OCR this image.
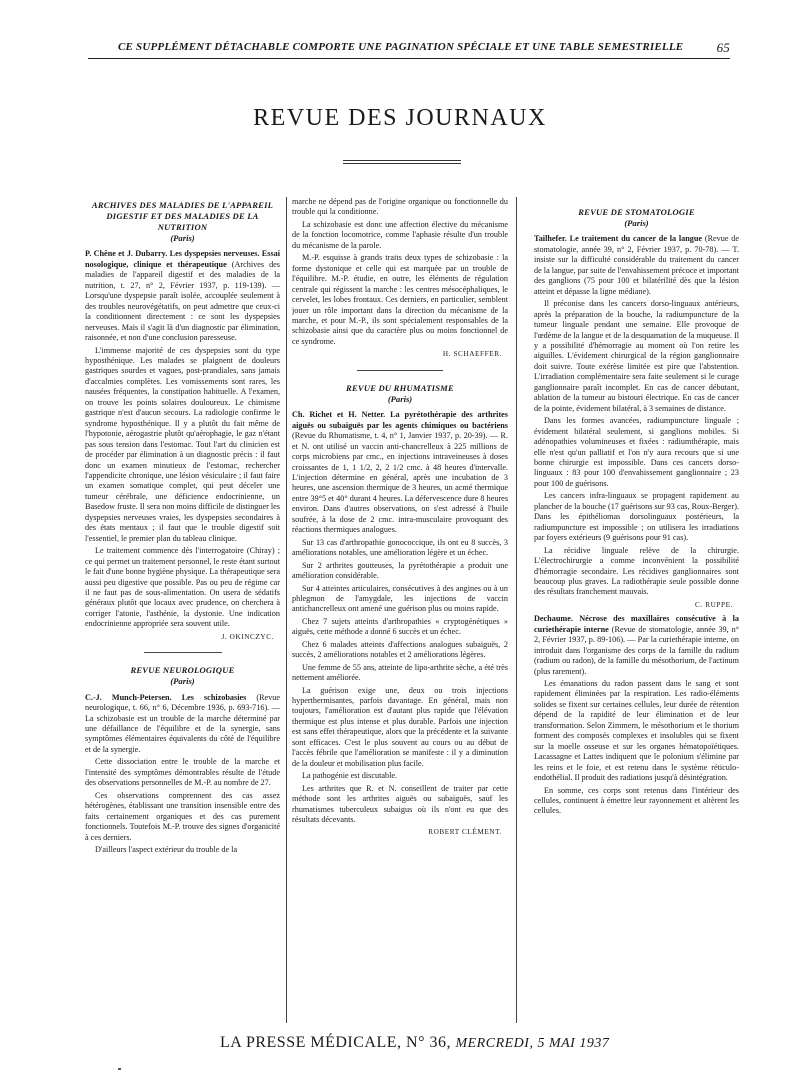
CE SUPPLÉMENT DÉTACHABLE COMPORTE UNE PAGINATION SPÉCIALE ET UNE TABLE SEMESTRIELLE	65
REVUE DES JOURNAUX
ARCHIVES DES MALADIES DE L'APPAREIL DIGESTIF ET DES MALADIES DE LA NUTRITION
(Paris)

P. Chêne et J. Dubarry. Les dyspepsies nerveuses. Essai nosologique, clinique et thérapeutique (Archives des maladies de l'appareil digestif et des maladies de la nutrition, t. 27, n° 2, Février 1937, p. 119-139). — Lorsqu'une dyspepsie paraît isolée, accouplée seulement à des troubles neurovégétatifs, on peut admettre que ceux-ci la conditionnent directement : ce sont les dyspepsies nerveuses. Mais il s'agit là d'un diagnostic par élimination, raisonnée, et non d'une conclusion paresseuse.

L'immense majorité de ces dyspepsies sont du type hyposthénique. Les malades se plaignent de douleurs gastriques sourdes et vagues, post-prandiales, sans jamais d'accalmies complètes. Les vomissements sont rares, les nausées fréquentes, la constipation habituelle. A l'examen, on trouve les points solaires douloureux. Le chimisme gastrique n'est d'aucun secours. La radiologie confirme le syndrome hyposthénique. Il y a plutôt du fait même de l'hypotonie, aérogastrie plutôt qu'aérophagie, le gaz n'étant pas sous tension dans l'estomac. Tout l'art du clinicien est de procéder par élimination à un diagnostic précis : il faut donc un examen minutieux de l'estomac, rechercher l'appendicite chronique, une lésion vésiculaire ; il faut faire un examen somatique complet, qui peut déceler une tumeur cérébrale, une déficience endocrinienne, un Basedow fruste. Il sera non moins difficile de distinguer les dyspepsies nerveuses vraies, les dyspepsies secondaires à des états mentaux ; il faut que le trouble digestif soit l'essentiel, le premier plan du tableau clinique.

Le traitement commence dès l'interrogatoire (Chiray) ; ce qui permet un traitement personnel, le reste étant surtout le fait d'une bonne hygiène physique. La thérapeutique sera aussi peu digestive que possible. Pas ou peu de régime car il ne faut pas de sous-alimentation. On usera de sédatifs généraux plutôt que locaux avec prudence, on cherchera à corriger l'atonie, l'asthénie, la dystonie. Une indication endocrinienne appropriée sera souvent utile.

J. OKINCZYC.
REVUE NEUROLOGIQUE
(Paris)

C.-J. Munch-Petersen. Les schizobasies (Revue neurologique, t. 66, n° 6, Décembre 1936, p. 693-716). — La schizobasie est un trouble de la marche déterminé par une défaillance de l'équilibre et de la synergie, sans symptômes élémentaires équivalents du côté de l'équilibre et de la synergie.

Cette dissociation entre le trouble de la marche et l'intensité des symptômes démontrables résulte de l'étude des observations personnelles de M.-P. au nombre de 27.

Ces observations comprennent des cas assez hétérogènes, établissant une transition insensible entre des faits certainement organiques et des cas purement fonctionnels. Toutefois M.-P. trouve des signes d'organicité à ces derniers.

D'ailleurs l'aspect extérieur du trouble de la

marche ne dépend pas de l'origine organique ou fonctionnelle du trouble qui la conditionne.

La schizobasie est donc une affection élective du mécanisme de la fonction locomotrice, comme l'aphasie résulte d'un trouble du mécanisme de la parole.

M.-P. esquisse à grands traits deux types de schizobasie : la forme dystonique et celle qui est marquée par un trouble de l'équilibre. M.-P. étudie, en outre, les éléments de régulation centrale qui régissent la marche : les centres mésocéphaliques, le cervelet, les lobes frontaux. Ces derniers, en particulier, semblent jouer un rôle important dans la direction du mécanisme de la marche, et pour M.-P., ils sont spécialement responsables de la schizobasie ainsi que du caractère plus ou moins fonctionnel de ce syndrome.

H. SCHAEFFER.
REVUE DU RHUMATISME
(Paris)

Ch. Richet et H. Netter. La pyrétothérapie des arthrites aiguës ou subaiguës par les agents chimiques ou bactériens (Revue du Rhumatisme, t. 4, n° 1, Janvier 1937, p. 20-39). — R. et N. ont utilisé un vaccin anti-chancrelleux à 225 millions de corps microbiens par cmc., en injections intraveineuses à doses croissantes de 1, 1 1/2, 2, 2 1/2 cmc. à 48 heures d'intervalle. L'injection détermine en général, après une incubation de 3 heures, une ascension thermique de 3 heures, un acmé thermique entre 39°5 et 40° durant 4 heures. La défervescence dure 8 heures environ. Dans d'autres observations, on s'est adressé à l'huile soufrée, à la dose de 2 cmc. intra-musculaire provoquant des réactions thermiques analogues.

Sur 13 cas d'arthropathie gonococcique, ils ont eu 8 succès, 3 améliorations notables, une amélioration légère et un échec.

Sur 2 arthrites goutteuses, la pyrétothérapie a produit une amélioration considérable.

Sur 4 atteintes articulaires, consécutives à des angines ou à un phlegmon de l'amygdale, les injections de vaccin antichancrelleux ont amené une guérison plus ou moins rapide.

Chez 7 sujets atteints d'arthropathies « cryptogénétiques » aiguës, cette méthode a donné 6 succès et un échec.

Chez 6 malades atteints d'affections analogues subaiguës, 2 succès, 2 améliorations notables et 2 améliorations légères.

Une femme de 55 ans, atteinte de lipo-arthrite sèche, a été très nettement améliorée.

La guérison exige une, deux ou trois injections hyperthermisantes, parfois davantage. En général, mais non toujours, l'amélioration est d'autant plus rapide que l'élévation thermique est plus intense et plus durable. Parfois une injection est sans effet thérapeutique, alors que la précédente et la suivante sont efficaces. C'est le plus souvent au cours ou au début de l'accès fébrile que l'amélioration se manifeste : il y a diminution de la douleur et mobilisation plus facile.

La pathogénie est discutable.

Les arthrites que R. et N. conseillent de traiter par cette méthode sont les arthrites aiguës ou subaiguës, sauf les rhumatismes tuberculeux subaigus où ils n'ont eu que des résultats décevants.

ROBERT CLÉMENT.
REVUE DE STOMATOLOGIE
(Paris)

Tailhefer. Le traitement du cancer de la langue (Revue de stomatologie, année 39, n° 2, Février 1937, p. 70-78). — T. insiste sur la difficulté considérable du traitement du cancer de la langue, par suite de l'envahissement précoce et important des ganglions (75 pour 100 et bilatérilité dès que la lésion atteint et dépasse la ligne médiane).

Il préconise dans les cancers dorso-linguaux antérieurs, après la préparation de la bouche, la radiumpuncture de la tumeur linguale pendant une semaine. Elle provoque de l'œdème de la langue et de la desquamation de la muqueuse. Il y a possibilité d'hémorragie au moment où l'on retire les aiguilles. L'évidement chirurgical de la région ganglionnaire doit suivre. Toute exérèse limitée est pire que l'abstention. L'irradiation complémentaire sera faite seulement si le curage ganglionnaire paraît incomplet. En cas de cancer débutant, ablation de la tumeur au bistouri électrique. En cas de cancer de la pointe, évidement bilatéral, à 3 semaines de distance.

Dans les formes avancées, radiumpuncture linguale ; évidement bilatéral seulement, si ganglions mobiles. Si adénopathies volumineuses et fixées : radiumthérapie, mais elle n'est qu'un palliatif et l'on n'y aura recours que si une bonne chirurgie est impossible. Dans ces cancers dorso-linguaux : 83 pour 100 d'envahissement ganglionnaire ; 23 pour 100 de guérisons.

Les cancers infra-linguaux se propagent rapidement au plancher de la bouche (17 guérisons sur 93 cas, Roux-Berger). Dans les épithéliomas dorsolinguaux postérieurs, la radiumpuncture est impossible ; on utilisera les irradiations par foyers extérieurs (9 guérisons pour 91 cas).

La récidive linguale relève de la chirurgie. L'électrochirurgie a comme inconvénient la possibilité d'hémorragie secondaire. Les récidives ganglionnaires sont beaucoup plus graves. La radiothérapie seule possible donne des résultats franchement mauvais.

C. RUPPE.

Dechaume. Nécrose des maxillaires consécutive à la curiethérapie interne (Revue de stomatologie, année 39, n° 2, Février 1937, p. 89-106). — Par la curiethérapie interne, on introduit dans l'organisme des corps de la famille du radium (radium ou radon), de la famille du mésothorium, de l'actinum (plus rarement).

Les émanations du radon passent dans le sang et sont rapidement éliminées par la respiration. Les radio-éléments solides se fixent sur certaines cellules, leur durée de rétention dépend de la rapidité de leur élimination et de leur transformation. Selon Zimmern, le mésothorium et le thorium forment des composés complexes et insolubles qui se fixent sur la moelle osseuse et sur les organes hématopoïétiques. Lacassagne et Lattes indiquent que le polonium s'élimine par les reins et le foie, et est retenu dans le système réticulo-endothélial. Il produit des radiations jusqu'à désintégration.

En somme, ces corps sont retenus dans l'intérieur des cellules, continuent à émettre leur rayonnement et altèrent les cellules.

LA PRESSE MÉDICALE, N° 36, MERCREDI, 5 MAI 1937
